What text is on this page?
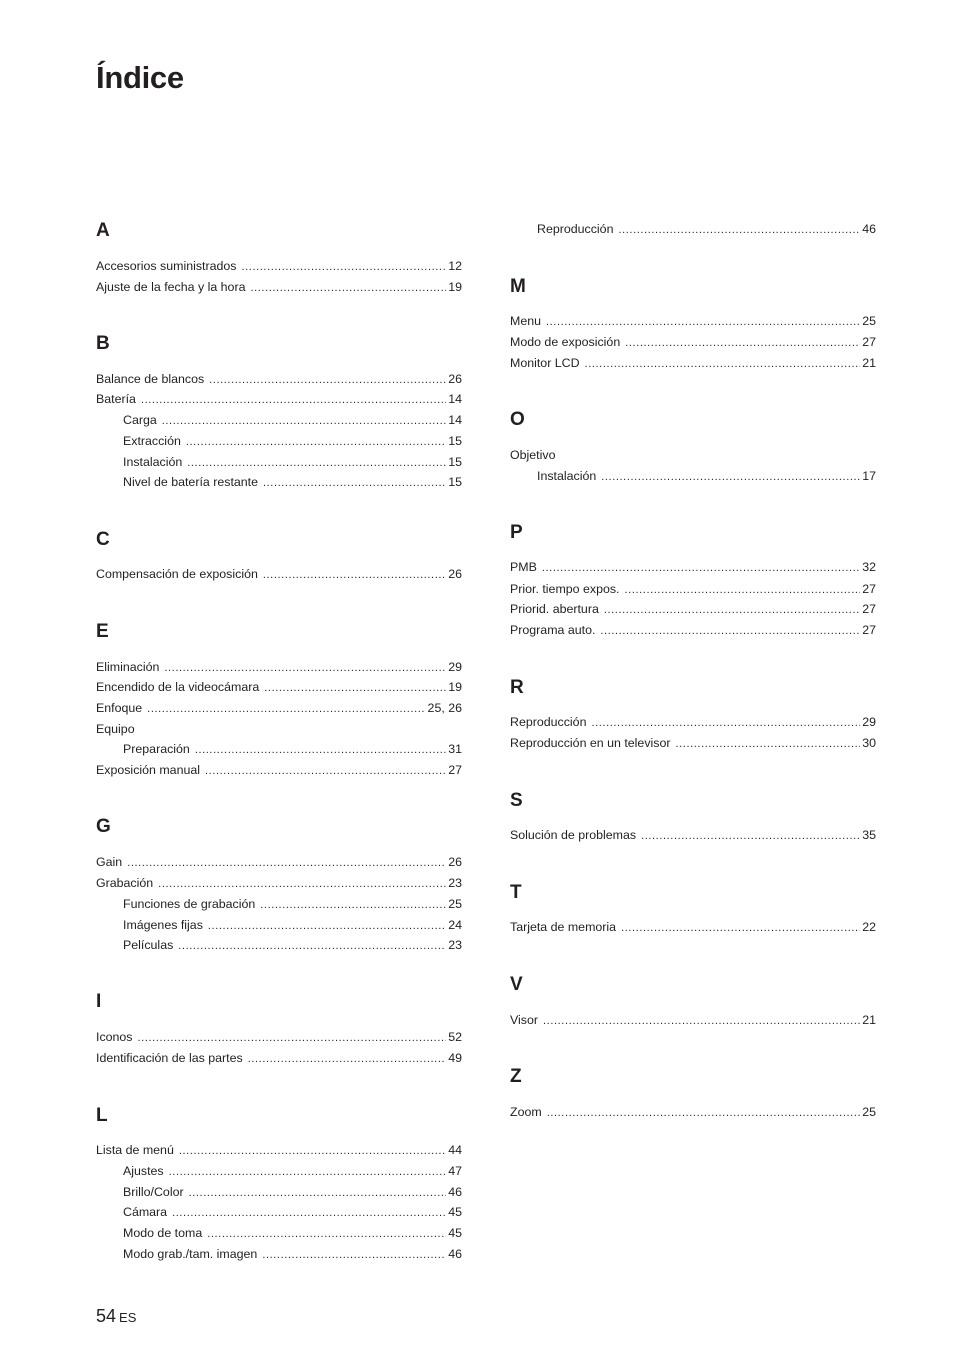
Índice
A
B
C
E
G
I
L
Accesorios suministrados .....	12
Ajuste de la fecha y la hora .....	19
Balance de blancos .....	26
Batería .....	14
Carga .....	14
Extracción .....	15
Instalación .....	15
Nivel de batería restante .....	15
Compensación de exposición .....	26
Eliminación .....	29
Encendido de la videocámara .....	19
Enfoque .....	25, 26
Equipo
Preparación .....	31
Exposición manual .....	27
Gain .....	26
Grabación .....	23
Funciones de grabación .....	25
Imágenes fijas .....	24
Películas .....	23
Iconos .....	52
Identificación de las partes .....	49
Lista de menú .....	44
Ajustes .....	47
Brillo/Color .....	46
Cámara .....	45
Modo de toma .....	45
Modo grab./tam. imagen .....	46
M
O
P
R
S
T
V
Z
Reproducción .....	46
Menu .....	25
Modo de exposición .....	27
Monitor LCD .....	21
Objetivo
Instalación .....	17
PMB .....	32
Prior. tiempo expos. .....	27
Priorid. abertura .....	27
Programa auto. .....	27
Reproducción .....	29
Reproducción en un televisor .....	30
Solución de problemas .....	35
Tarjeta de memoria .....	22
Visor .....	21
Zoom .....	25
54 ES
